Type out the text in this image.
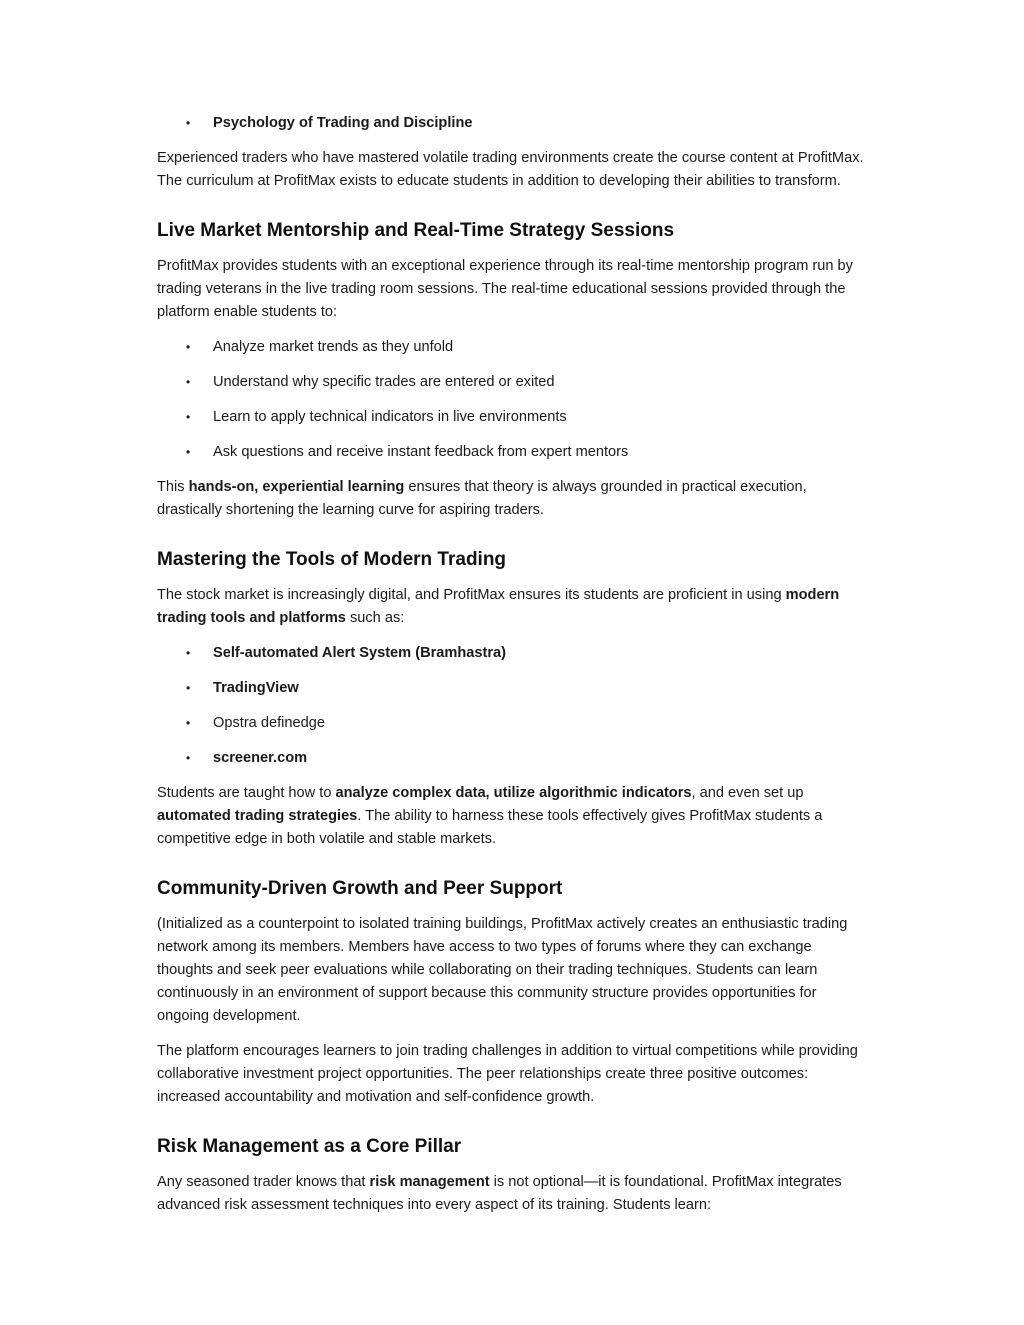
• Psychology of Trading and Discipline

Experienced traders who have mastered volatile trading environments create the course content at ProfitMax. The curriculum at ProfitMax exists to educate students in addition to developing their abilities to transform.

Live Market Mentorship and Real-Time Strategy Sessions

ProfitMax provides students with an exceptional experience through its real-time mentorship program run by trading veterans in the live trading room sessions. The real-time educational sessions provided through the platform enable students to:

• Analyze market trends as they unfold
• Understand why specific trades are entered or exited
• Learn to apply technical indicators in live environments
• Ask questions and receive instant feedback from expert mentors

This hands-on, experiential learning ensures that theory is always grounded in practical execution, drastically shortening the learning curve for aspiring traders.

Mastering the Tools of Modern Trading

The stock market is increasingly digital, and ProfitMax ensures its students are proficient in using modern trading tools and platforms such as:

• Self-automated Alert System (Bramhastra)
• TradingView
• Opstra definedge
• screener.com

Students are taught how to analyze complex data, utilize algorithmic indicators, and even set up automated trading strategies. The ability to harness these tools effectively gives ProfitMax students a competitive edge in both volatile and stable markets.

Community-Driven Growth and Peer Support

(Initialized as a counterpoint to isolated training buildings, ProfitMax actively creates an enthusiastic trading network among its members. Members have access to two types of forums where they can exchange thoughts and seek peer evaluations while collaborating on their trading techniques. Students can learn continuously in an environment of support because this community structure provides opportunities for ongoing development.

The platform encourages learners to join trading challenges in addition to virtual competitions while providing collaborative investment project opportunities. The peer relationships create three positive outcomes: increased accountability and motivation and self-confidence growth.

Risk Management as a Core Pillar

Any seasoned trader knows that risk management is not optional—it is foundational. ProfitMax integrates advanced risk assessment techniques into every aspect of its training. Students learn:
